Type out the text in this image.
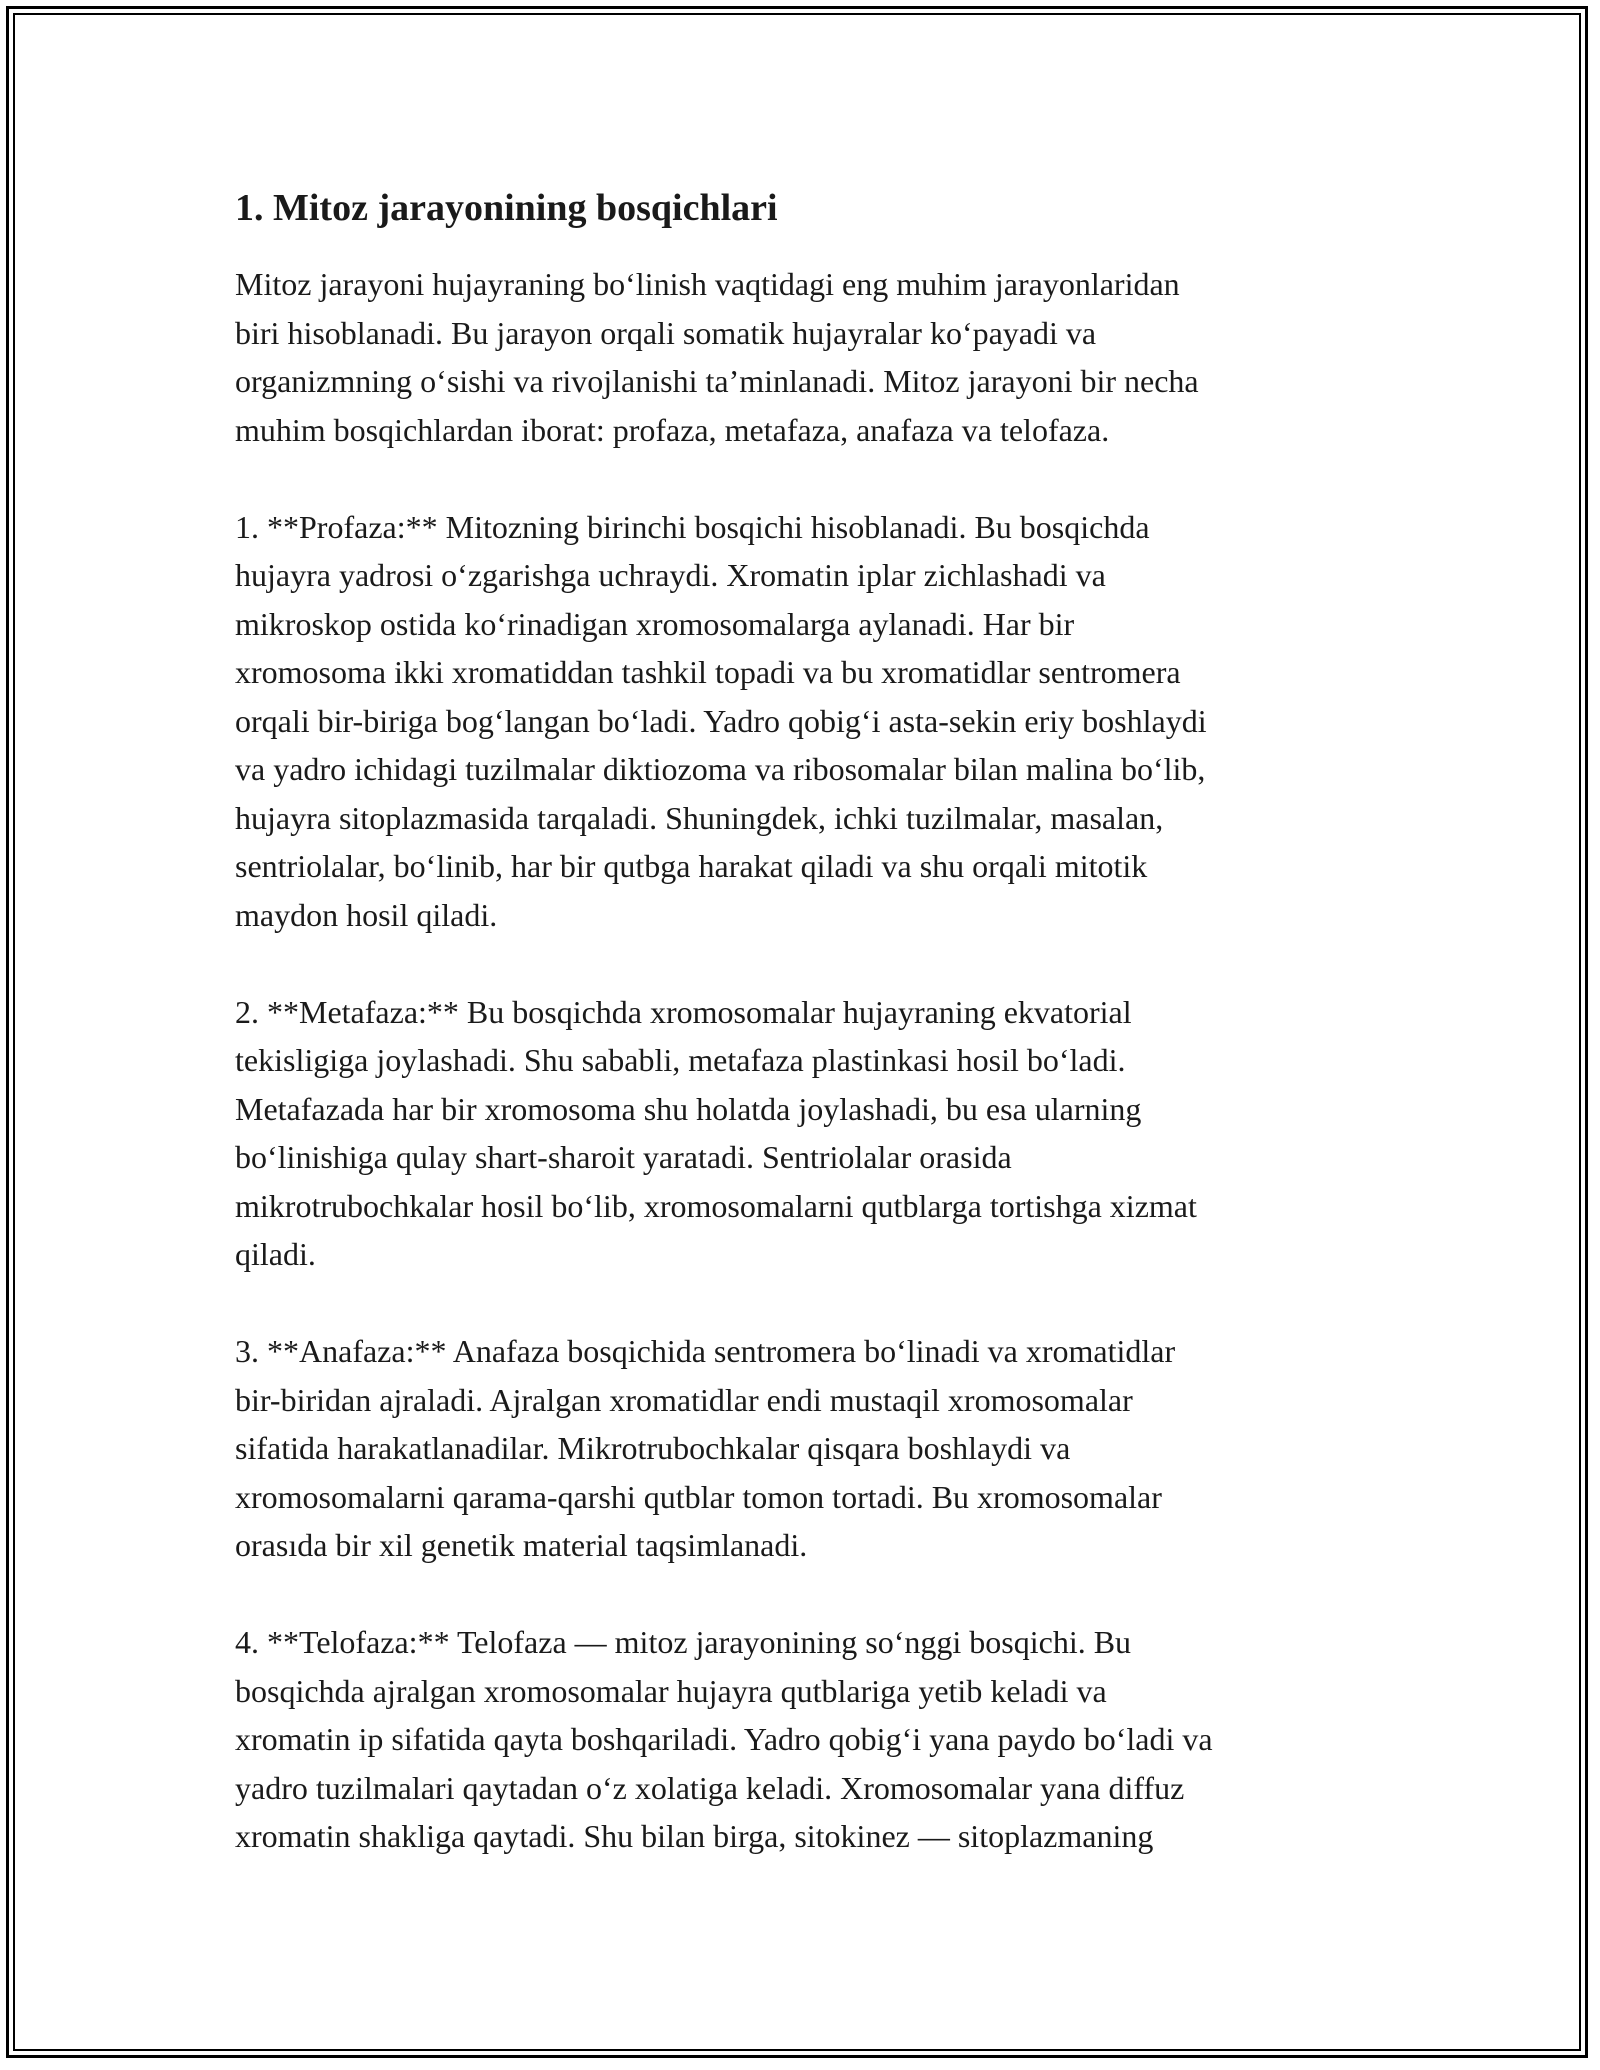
1. Mitoz jarayonining bosqichlari

Mitoz jarayoni hujayraning bo‘linish vaqtidagi eng muhim jarayonlaridan
biri hisoblanadi. Bu jarayon orqali somatik hujayralar ko‘payadi va
organizmning o‘sishi va rivojlanishi ta’minlanadi. Mitoz jarayoni bir necha
muhim bosqichlardan iborat: profaza, metafaza, anafaza va telofaza.

1. **Profaza:** Mitozning birinchi bosqichi hisoblanadi. Bu bosqichda
hujayra yadrosi o‘zgarishga uchraydi. Xromatin iplar zichlashadi va
mikroskop ostida ko‘rinadigan xromosomalarga aylanadi. Har bir
xromosoma ikki xromatiddan tashkil topadi va bu xromatidlar sentromera
orqali bir-biriga bog‘langan bo‘ladi. Yadro qobig‘i asta-sekin eriy boshlaydi
va yadro ichidagi tuzilmalar diktiozoma va ribosomalar bilan malina bo‘lib,
hujayra sitoplazmasida tarqaladi. Shuningdek, ichki tuzilmalar, masalan,
sentriolalar, bo‘linib, har bir qutbga harakat qiladi va shu orqali mitotik
maydon hosil qiladi.

2. **Metafaza:** Bu bosqichda xromosomalar hujayraning ekvatorial
tekisligiga joylashadi. Shu sababli, metafaza plastinkasi hosil bo‘ladi.
Metafazada har bir xromosoma shu holatda joylashadi, bu esa ularning
bo‘linishiga qulay shart-sharoit yaratadi. Sentriolalar orasida
mikrotrubochkalar hosil bo‘lib, xromosomalarni qutblarga tortishga xizmat
qiladi.

3. **Anafaza:** Anafaza bosqichida sentromera bo‘linadi va xromatidlar
bir-biridan ajraladi. Ajralgan xromatidlar endi mustaqil xromosomalar
sifatida harakatlanadilar. Mikrotrubochkalar qisqara boshlaydi va
xromosomalarni qarama-qarshi qutblar tomon tortadi. Bu xromosomalar
orasıda bir xil genetik material taqsimlanadi.

4. **Telofaza:** Telofaza — mitoz jarayonining so‘nggi bosqichi. Bu
bosqichda ajralgan xromosomalar hujayra qutblariga yetib keladi va
xromatin ip sifatida qayta boshqariladi. Yadro qobig‘i yana paydo bo‘ladi va
yadro tuzilmalari qaytadan o‘z xolatiga keladi. Xromosomalar yana diffuz
xromatin shakliga qaytadi. Shu bilan birga, sitokinez — sitoplazmaning
